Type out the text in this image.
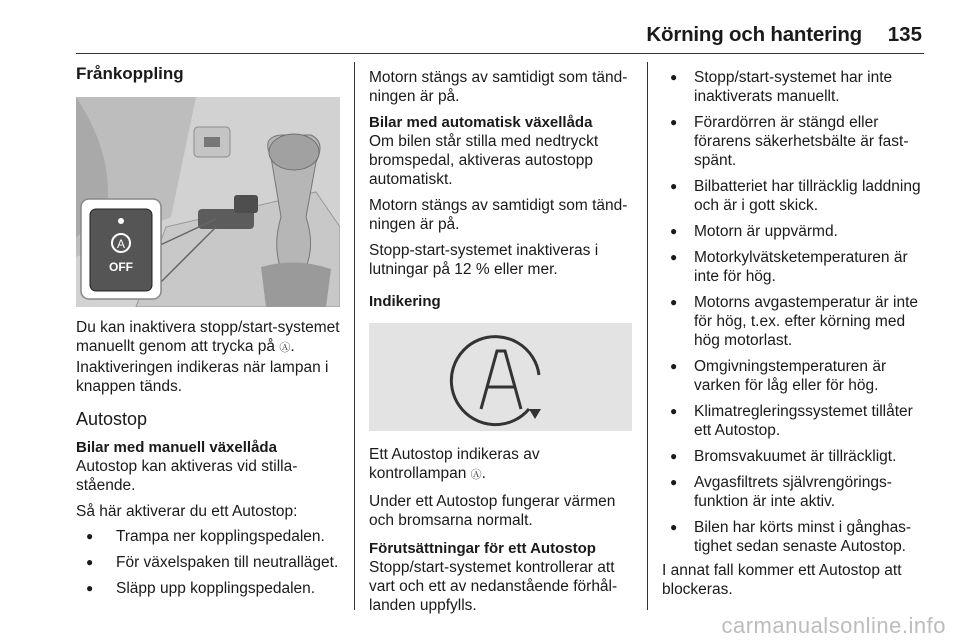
Körning och hantering 135
Frånkoppling
A
OFF

Du kan inaktivera stopp/start-systemet manuellt genom att trycka på Ⓐ. Inaktiveringen indikeras när lampan i knappen tänds.

Autostop
Bilar med manuell växellåda

Autostop kan aktiveras vid stilla-stående.

Så här aktiverar du ett Autostop:

● Trampa ner kopplingspedalen.
● För växelspaken till neutralläget.
● Släpp upp kopplingspedalen.

Motorn stängs av samtidigt som tänd-ningen är på.

Bilar med automatisk växellåda

Om bilen står stilla med nedtryckt bromspedal, aktiveras autostopp automatiskt.

Motorn stängs av samtidigt som tänd-ningen är på.

Stopp-start-systemet inaktiveras i lutningar på 12 % eller mer.

Indikering

Ett Autostop indikeras av kontrollampan Ⓐ.

Under ett Autostop fungerar värmen och bromsarna normalt.

Förutsättningar för ett Autostop

Stopp/start-systemet kontrollerar att vart och ett av nedanstående förhål-landen uppfylls.

● Stopp/start-systemet har inte inaktiverats manuellt.
● Förardörren är stängd eller förarens säkerhetsbälte är fast-spänt.
● Bilbatteriet har tillräcklig laddning och är i gott skick.
● Motorn är uppvärmd.
● Motorkylvätsketemperaturen är inte för hög.
● Motorns avgastemperatur är inte för hög, t.ex. efter körning med hög motorlast.
● Omgivningstemperaturen är varken för låg eller för hög.
● Klimatregleringssystemet tillåter ett Autostop.
● Bromsvakuumet är tillräckligt.
● Avgasfiltrets självrengörings-funktion är inte aktiv.
● Bilen har körts minst i gånghas-tighet sedan senaste Autostop.

I annat fall kommer ett Autostop att blockeras.

carmanualsonline.info
